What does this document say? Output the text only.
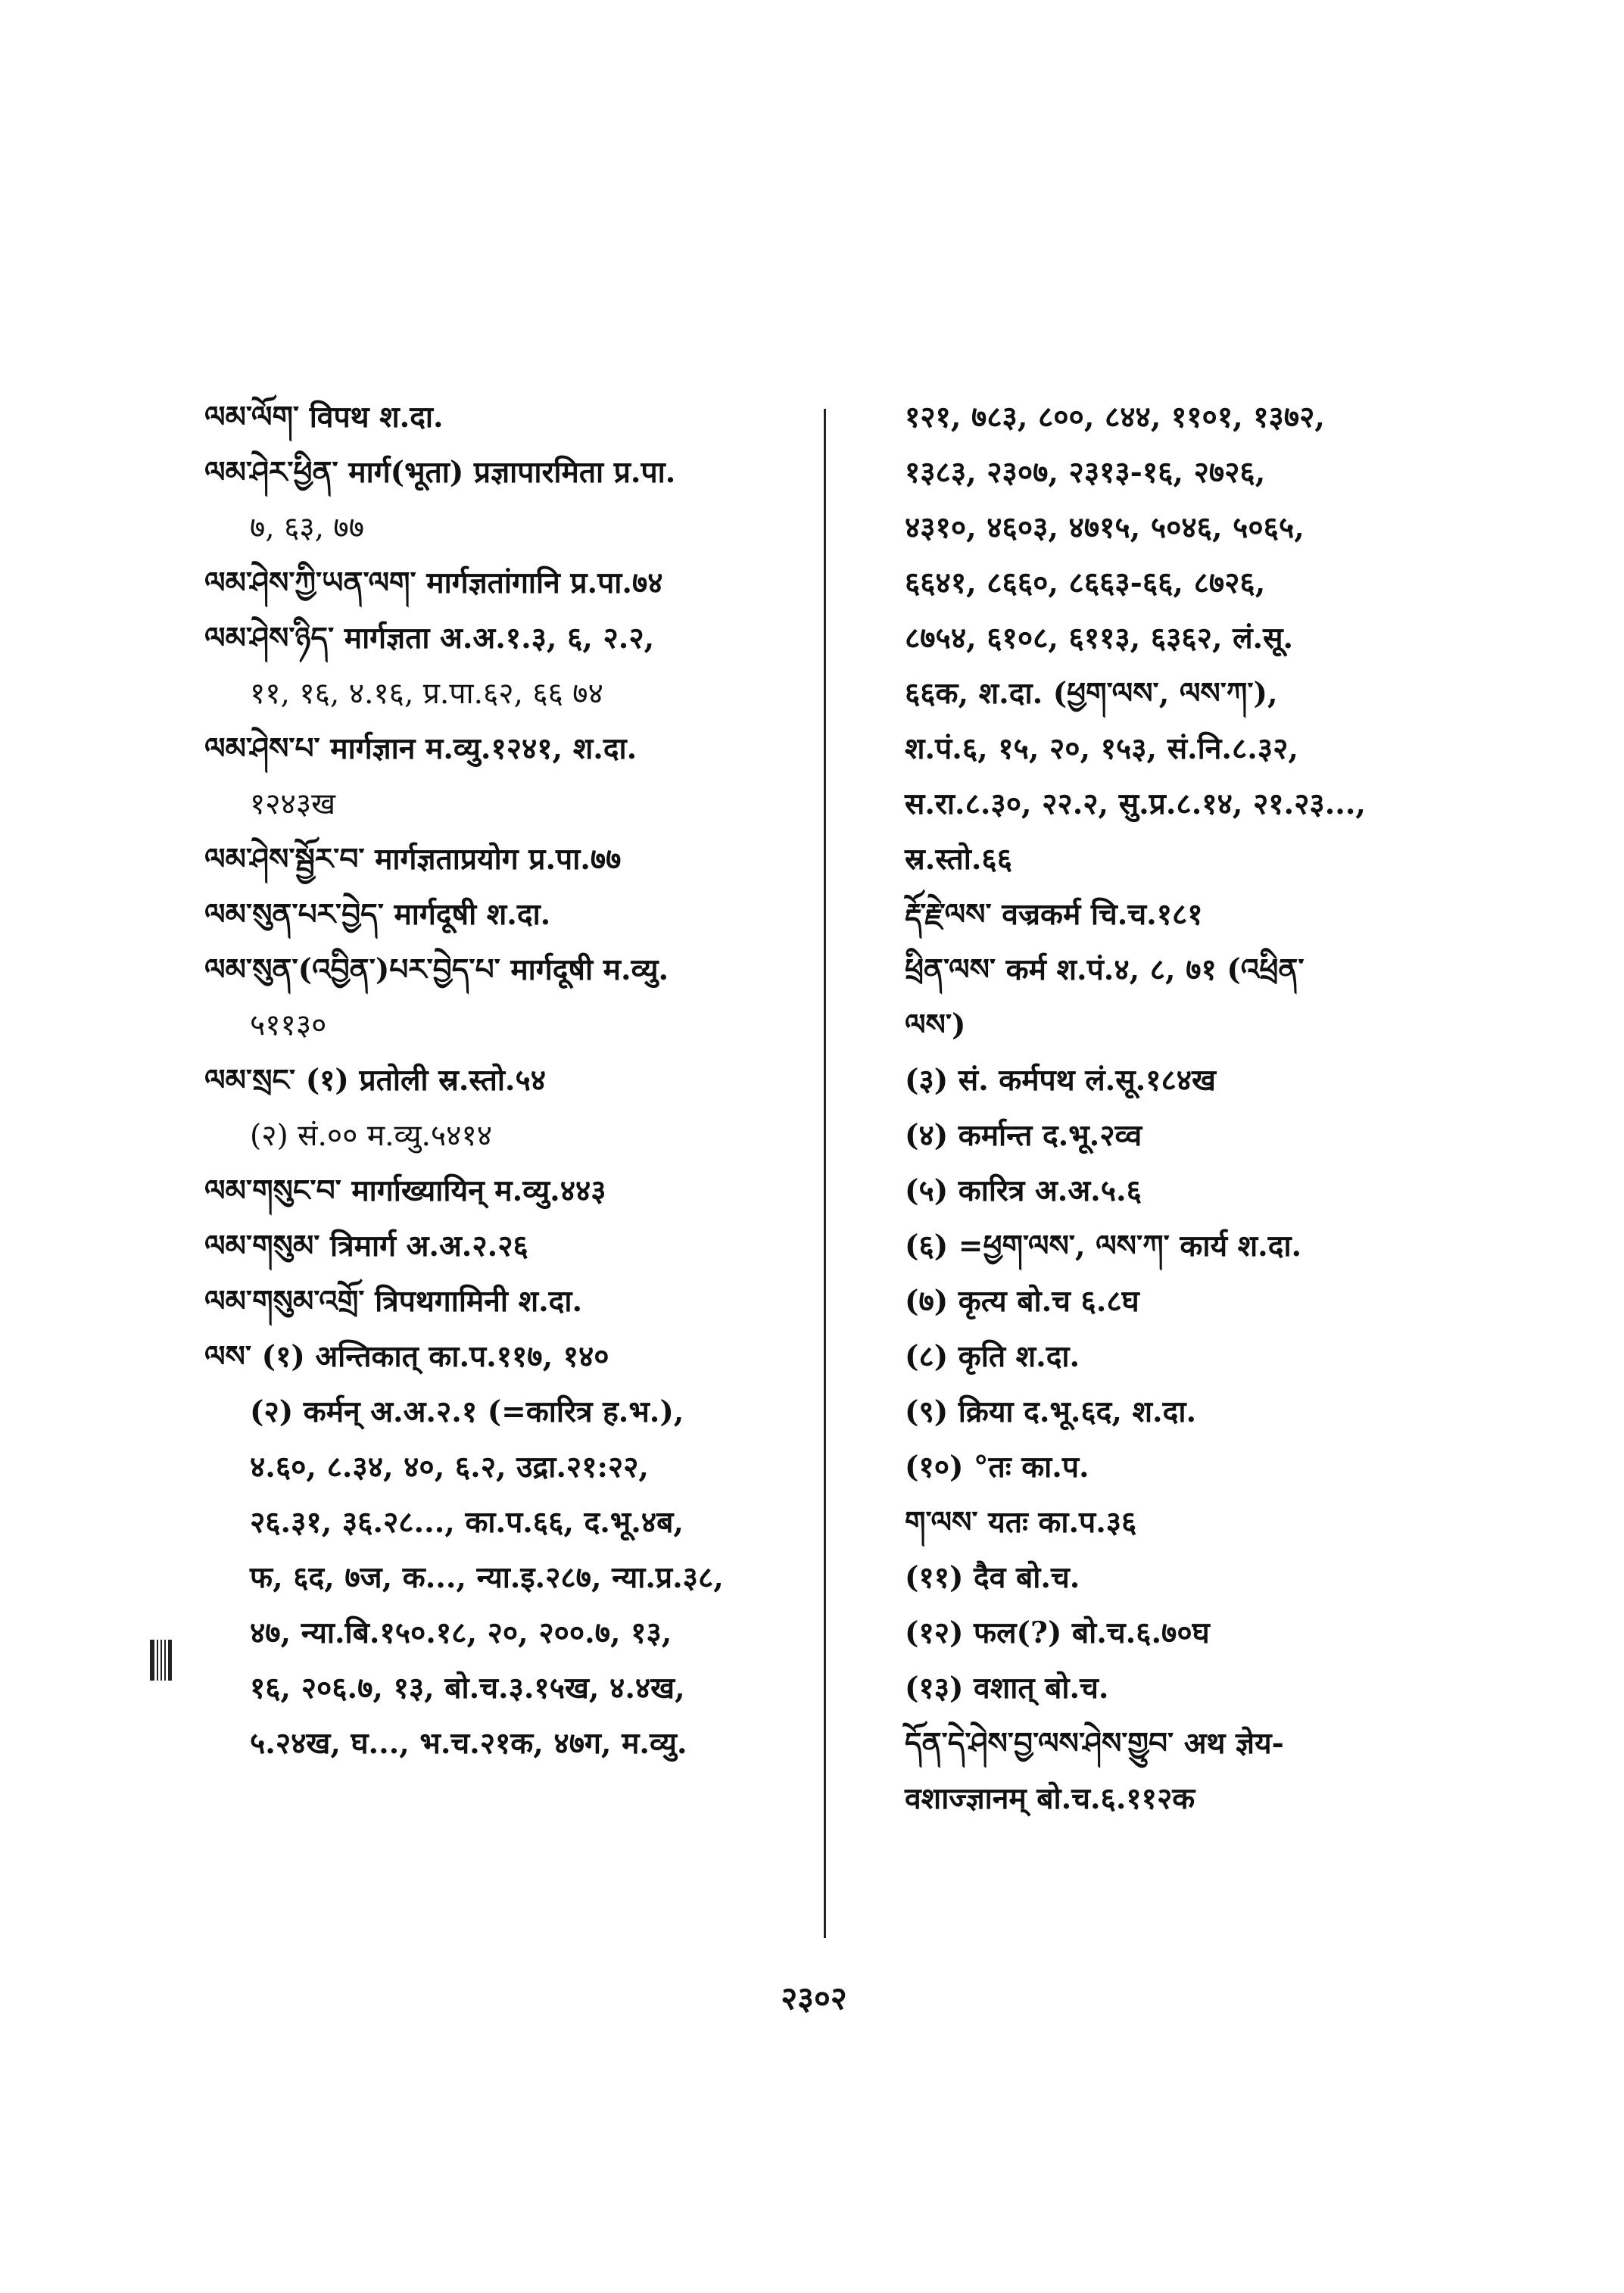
ལམ་ལོག་ विपथ श.दा.
ལམ་ཤེར་ཕྱིན་ मार्ग(भूता) प्रज्ञापारमिता प्र.पा.
७, ६३, ७७
ལམ་ཤེས་ཀྱི་ཡན་ལག་ मार्गज्ञतांगानि प्र.पा.७४
ལམ་ཤེས་ཉིད་ मार्गज्ञता अ.अ.१.३, ६, २.२,
११, १६, ४.१६, प्र.पा.६२, ६६ ७४
ལམ་ཤེས་པ་ मार्गज्ञान म.व्यु.१२४१, श.दा.
१२४३ख
ལམ་ཤེས་སྦྱོར་བ་ मार्गज्ञताप्रयोग प्र.पा.७७
ལམ་སུན་པར་བྱེད་ मार्गदूषी श.दा.
ལམ་སུན་(འབྱིན་)པར་བྱེད་པ་ मार्गदूषी म.व्यु.
५११३०
ལམ་སྲང་ (१) प्रतोली स्र.स्तो.५४
(२) सं.०० म.व्यु.५४१४
ལམ་གསུང་བ་ मार्गाख्यायिन् म.व्यु.४४३
ལམ་གསུམ་ त्रिमार्ग अ.अ.२.२६
ལམ་གསུམ་འགྲོ་ त्रिपथगामिनी श.दा.
ལས་ (१) अन्तिकात् का.प.११७, १४०
(२) कर्मन् अ.अ.२.१ (=कारित्र ह.भ.),
४.६०, ८.३४, ४०, ६.२, उद्रा.२१:२२,
२६.३१, ३६.२८..., का.प.६६, द.भू.४ब,
फ, ६द, ७ज, क..., न्या.इ.२८७, न्या.प्र.३८,
४७, न्या.बि.१५०.१८, २०, २००.७, १३,
१६, २०६.७, १३, बो.च.३.१५ख, ४.४ख,
५.२४ख, घ..., भ.च.२१क, ४७ग, म.व्यु.
१२१, ७८३, ८००, ८४४, ११०१, १३७२,
१३८३, २३०७, २३१३-१६, २७२६,
४३१०, ४६०३, ४७१५, ५०४६, ५०६५,
६६४१, ८६६०, ८६६३-६६, ८७२६,
८७५४, ६१०८, ६११३, ६३६२, लं.सू.
६६क, श.दा. (ཕྱག་ལས་, ལས་ཀ་),
श.पं.६, १५, २०, १५३, सं.नि.८.३२,
स.रा.८.३०, २२.२, सु.प्र.८.१४, २१.२३...,
स्र.स्तो.६६
རྡོ་རྗེ་ལས་ वज्रकर्म चि.च.१८१
ཕྲིན་ལས་ कर्म श.पं.४, ८, ७१ (འཕྲིན་
ལས་)
(३) सं. कर्मपथ लं.सू.१८४ख
(४) कर्मान्त द.भू.२व्व
(५) कारित्र अ.अ.५.६
(६) =ཕྱག་ལས་, ལས་ཀ་ कार्य श.दा.
(७) कृत्य बो.च ६.८घ
(८) कृति श.दा.
(९) क्रिया द.भू.६द, श.दा.
(१०) °तः का.प.
ག་ལས་ यतः का.प.३६
(११) दैव बो.च.
(१२) फल(?) बो.च.६.७०घ
(१३) वशात् बो.च.
དོན་དེ་ཤེས་བྱ་ལས་ཤེས་གྱུབ་ अथ ज्ञेय-
वशाज्ज्ञानम् बो.च.६.११२क
२३०२
